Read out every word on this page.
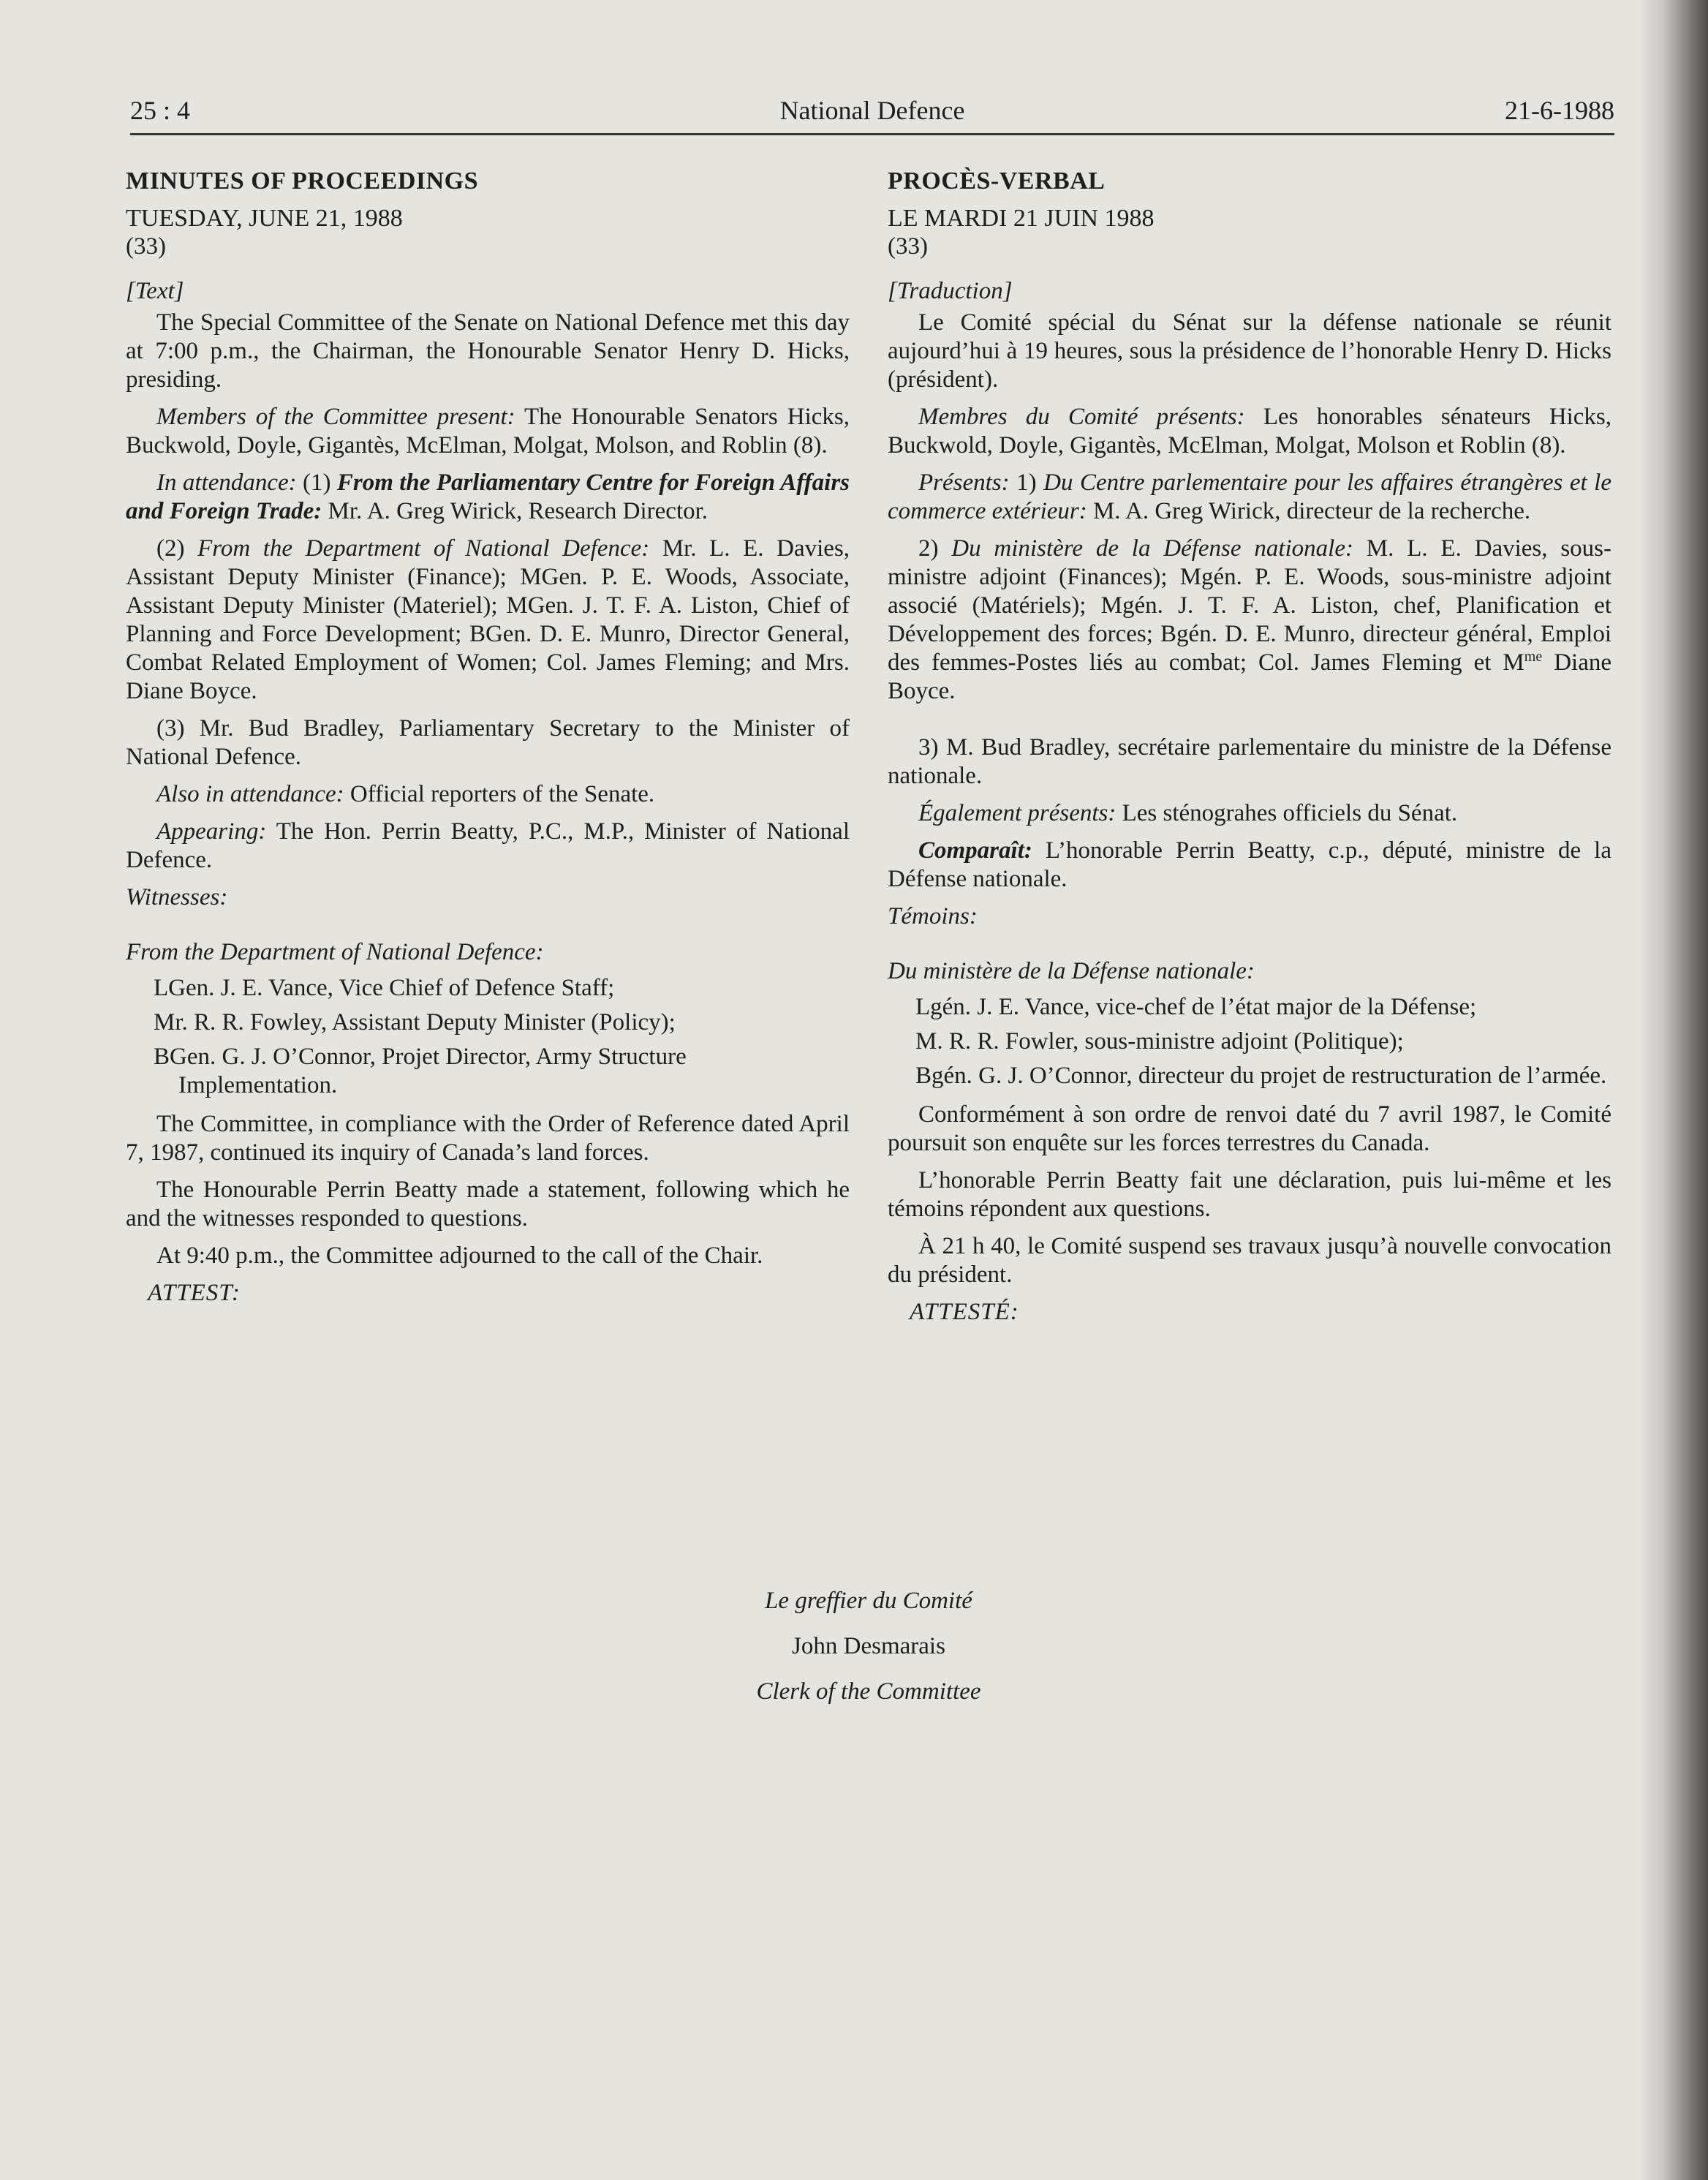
National Defence
25 : 4	21-6-1988

MINUTES OF PROCEEDINGS

TUESDAY, JUNE 21, 1988

(33)

[Text]

The Special Committee of the Senate on National Defence met this day at 7:00 p.m., the Chairman, the Honourable Senator Henry D. Hicks, presiding.

Members of the Committee present: The Honourable Senators Hicks, Buckwold, Doyle, Gigantès, McElman, Molgat, Molson, and Roblin (8).

In attendance: (1) From the Parliamentary Centre for Foreign Affairs and Foreign Trade: Mr. A. Greg Wirick, Research Director.

(2) From the Department of National Defence: Mr. L. E. Davies, Assistant Deputy Minister (Finance); MGen. P. E. Woods, Associate, Assistant Deputy Minister (Materiel); MGen. J. T. F. A. Liston, Chief of Planning and Force Development; BGen. D. E. Munro, Director General, Combat Related Employment of Women; Col. James Fleming; and Mrs. Diane Boyce.

(3) Mr. Bud Bradley, Parliamentary Secretary to the Minister of National Defence.

Also in attendance: Official reporters of the Senate.

Appearing: The Hon. Perrin Beatty, P.C., M.P., Minister of National Defence.

Witnesses:

From the Department of National Defence:

LGen. J. E. Vance, Vice Chief of Defence Staff;

Mr. R. R. Fowley, Assistant Deputy Minister (Policy);

BGen. G. J. O’Connor, Projet Director, Army Structure Implementation.

The Committee, in compliance with the Order of Reference dated April 7, 1987, continued its inquiry of Canada’s land forces.

The Honourable Perrin Beatty made a statement, following which he and the witnesses responded to questions.

At 9:40 p.m., the Committee adjourned to the call of the Chair.

ATTEST:

PROCÈS-VERBAL

LE MARDI 21 JUIN 1988

(33)

[Traduction]

Le Comité spécial du Sénat sur la défense nationale se réunit aujourd’hui à 19 heures, sous la présidence de l’honorable Henry D. Hicks (président).

Membres du Comité présents: Les honorables sénateurs Hicks, Buckwold, Doyle, Gigantès, McElman, Molgat, Molson et Roblin (8).

Présents: 1) Du Centre parlementaire pour les affaires étrangères et le commerce extérieur: M. A. Greg Wirick, directeur de la recherche.

2) Du ministère de la Défense nationale: M. L. E. Davies, sous-ministre adjoint (Finances); Mgén. P. E. Woods, sous-ministre adjoint associé (Matériels); Mgén. J. T. F. A. Liston, chef, Planification et Développement des forces; Bgén. D. E. Munro, directeur général, Emploi des femmes-Postes liés au combat; Col. James Fleming et $M^{me}$ Diane Boyce.

3) M. Bud Bradley, secrétaire parlementaire du ministre de la Défense nationale.

Également présents: Les sténograhes officiels du Sénat.

Comparaît: L’honorable Perrin Beatty, c.p., député, ministre de la Défense nationale.

Témoins:

Du ministère de la Défense nationale:

Lgén. J. E. Vance, vice-chef de l’état major de la Défense;

M. R. R. Fowler, sous-ministre adjoint (Politique);

Bgén. G. J. O’Connor, directeur du projet de restructuration de l’armée.

Conformément à son ordre de renvoi daté du 7 avril 1987, le Comité poursuit son enquête sur les forces terrestres du Canada.

L’honorable Perrin Beatty fait une déclaration, puis lui-même et les témoins répondent aux questions.

À 21 h 40, le Comité suspend ses travaux jusqu’à nouvelle convocation du président.

ATTESTÉ:

Le greffier du Comité
John Desmarais
Clerk of the Committee
